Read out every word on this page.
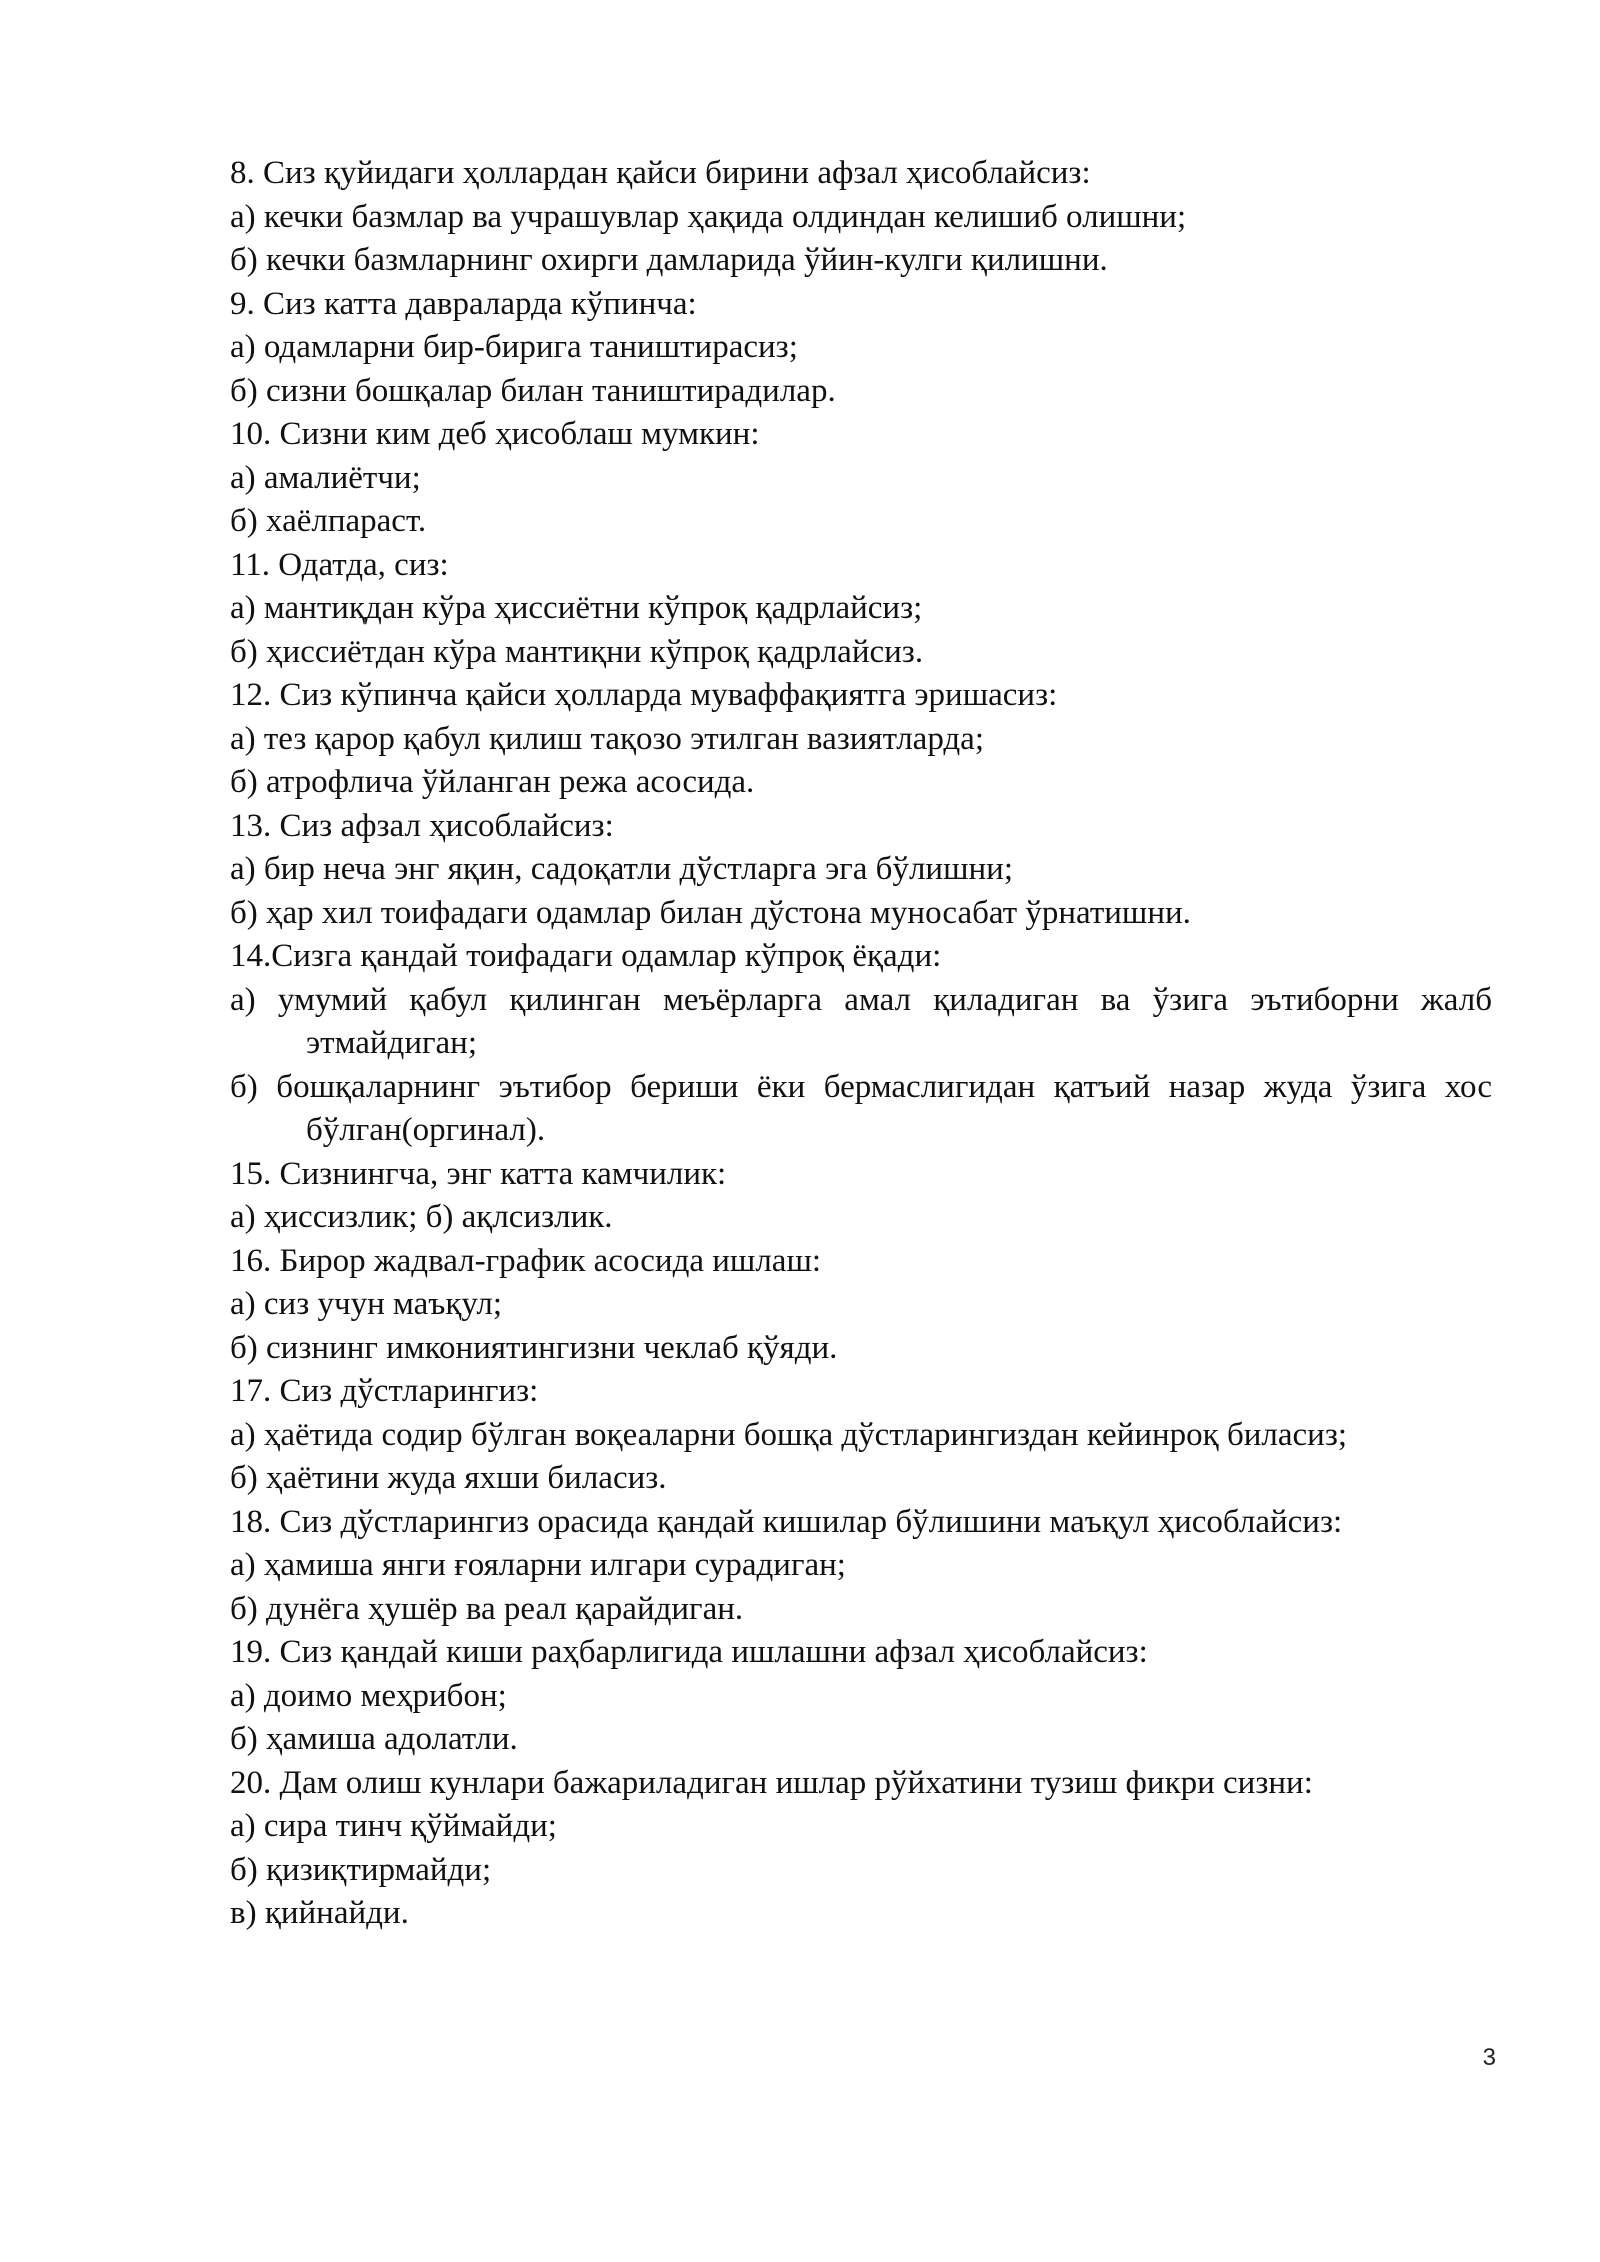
8. Сиз қуйидаги ҳоллардан қайси бирини афзал ҳисоблайсиз:
а) кечки базмлар ва учрашувлар ҳақида олдиндан келишиб олишни;
б) кечки базмларнинг охирги дамларида ўйин-кулги қилишни.
9. Сиз катта давраларда кўпинча:
а) одамларни бир-бирига таништирасиз;
б) сизни бошқалар билан таништирадилар.
10. Сизни ким деб ҳисоблаш мумкин:
а) амалиётчи;
б) хаёлпараст.
11. Одатда, сиз:
а) мантиқдан кўра ҳиссиётни кўпроқ қадрлайсиз;
б) ҳиссиётдан кўра мантиқни кўпроқ қадрлайсиз.
12. Сиз кўпинча қайси ҳолларда муваффақиятга эришасиз:
а) тез қарор қабул қилиш тақозо этилган вазиятларда;
б) атрофлича ўйланган режа асосида.
13. Сиз афзал ҳисоблайсиз:
а) бир неча энг яқин, садоқатли дўстларга эга бўлишни;
б) ҳар хил тоифадаги одамлар билан дўстона муносабат ўрнатишни.
14.Сизга қандай тоифадаги одамлар кўпроқ ёқади:
а) умумий қабул қилинган меъёрларга амал қиладиган ва ўзига эътиборни жалб этмайдиган;
б) бошқаларнинг эътибор бериши ёки бермаслигидан қатъий назар жуда ўзига хос бўлган(оргинал).
15. Сизнингча, энг катта камчилик:
а) ҳиссизлик; б) ақлсизлик.
16. Бирор жадвал-график асосида ишлаш:
а) сиз учун маъқул;
б) сизнинг имкониятингизни чеклаб қўяди.
17. Сиз дўстларингиз:
а) ҳаётида содир бўлган воқеаларни бошқа дўстларингиздан кейинроқ биласиз;
б) ҳаётини жуда яхши биласиз.
18. Сиз дўстларингиз орасида қандай кишилар бўлишини маъқул ҳисоблайсиз:
а) ҳамиша янги ғояларни илгари сурадиган;
б) дунёга ҳушёр ва реал қарайдиган.
19. Сиз қандай киши раҳбарлигида ишлашни афзал ҳисоблайсиз:
а) доимо меҳрибон;
б) ҳамиша адолатли.
20. Дам олиш кунлари бажариладиган ишлар рўйхатини тузиш фикри сизни:
а) сира тинч қўймайди;
б) қизиқтирмайди;
в) қийнайди.
3
